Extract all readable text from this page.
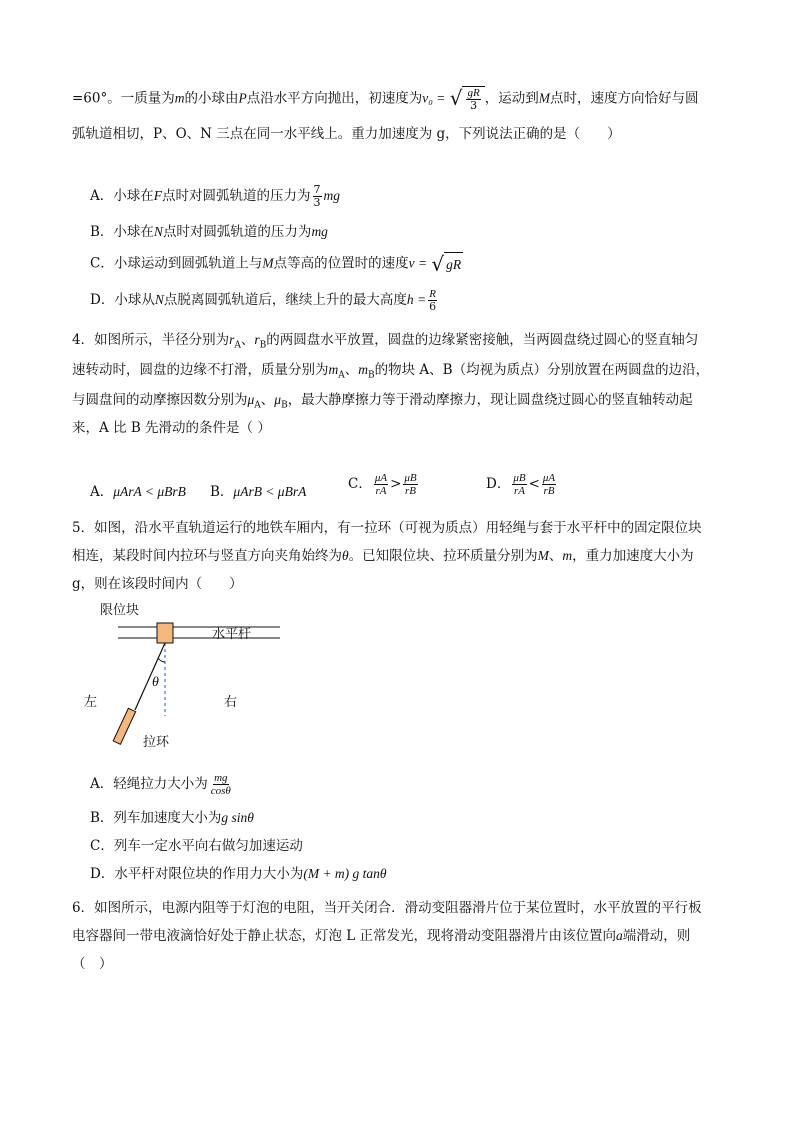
=60°。一质量为m的小球由P点沿水平方向抛出，初速度为v₀ = √ $\frac{gR}{3}$ ，运动到M点时，速度方向恰好与圆
弧轨道相切，P、O、N 三点在同一水平线上。重力加速度为 g，下列说法正确的是（　　）
A．小球在F点时对圆弧轨道的压力为 $\frac{7}{3}$ mg
B．小球在N点时对圆弧轨道的压力为mg
C．小球运动到圆弧轨道上与M点等高的位置时的速度v = √ gR
D．小球从N点脱离圆弧轨道后，继续上升的最大高度$h = \frac{R}{6}$
4．如图所示，半径分别为$r_A$、$r_B$的两圆盘水平放置，圆盘的边缘紧密接触，当两圆盘绕过圆心的竖直轴匀
速转动时，圆盘的边缘不打滑，质量分别为$m_A$、$m_B$的物块 A、B（均视为质点）分别放置在两圆盘的边沿，
与圆盘间的动摩擦因数分别为$\mu_A$、$\mu_B$，最大静摩擦力等于滑动摩擦力，现让圆盘绕过圆心的竖直轴转动起
来，A 比 B 先滑动的条件是（ ）
A．μArA < μBrB B．μArB < μBrA	C． $\frac{\mu A}{rA} > \frac{\mu B}{rB}$	D． $\frac{\mu B}{rA} < \frac{\mu A}{rB}$
5．如图，沿水平直轨道运行的地铁车厢内，有一拉环（可视为质点）用轻绳与套于水平杆中的固定限位块
相连，某段时间内拉环与竖直方向夹角始终为θ。已知限位块、拉环质量分别为M、m，重力加速度大小为
g，则在该段时间内（　　）
限位块
水平杆
θ
左	右
拉环
A．轻绳拉力大小为 $\frac{mg}{\cos\theta}$
B．列车加速度大小为g sinθ
C．列车一定水平向右做匀加速运动
D．水平杆对限位块的作用力大小为(M + m) g tanθ
6．如图所示，电源内阻等于灯泡的电阻，当开关闭合．滑动变阻器滑片位于某位置时，水平放置的平行板
电容器间一带电液滴恰好处于静止状态，灯泡 L 正常发光，现将滑动变阻器滑片由该位置向a端滑动，则
（　）
